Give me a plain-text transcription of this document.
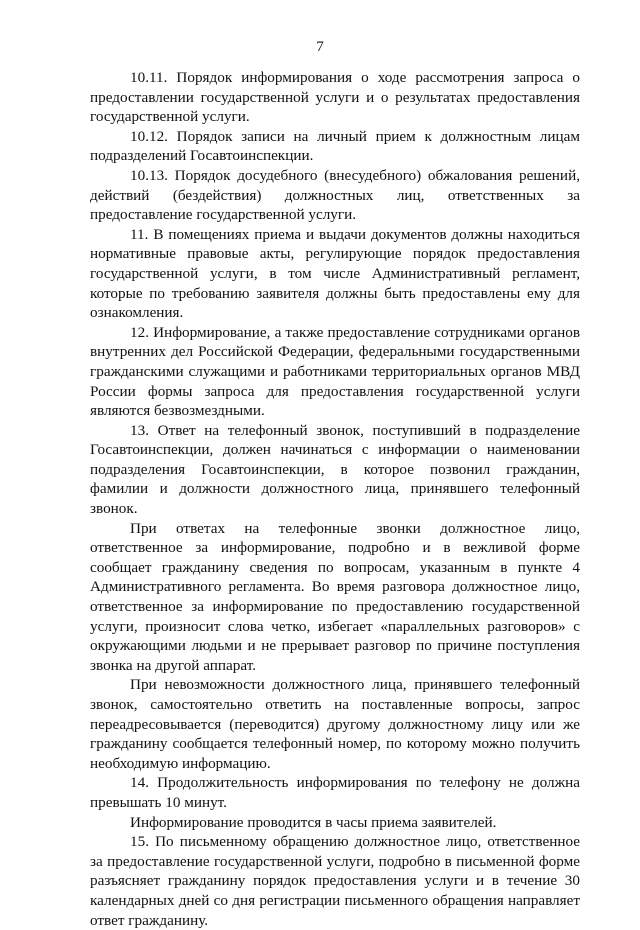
7

10.11. Порядок информирования о ходе рассмотрения запроса о предоставлении государственной услуги и о результатах предоставления государственной услуги.

10.12. Порядок записи на личный прием к должностным лицам подразделений Госавтоинспекции.

10.13. Порядок досудебного (внесудебного) обжалования решений, действий (бездействия) должностных лиц, ответственных за предоставление государственной услуги.

11. В помещениях приема и выдачи документов должны находиться нормативные правовые акты, регулирующие порядок предоставления государственной услуги, в том числе Административный регламент, которые по требованию заявителя должны быть предоставлены ему для ознакомления.

12. Информирование, а также предоставление сотрудниками органов внутренних дел Российской Федерации, федеральными государственными гражданскими служащими и работниками территориальных органов МВД России формы запроса для предоставления государственной услуги являются безвозмездными.

13. Ответ на телефонный звонок, поступивший в подразделение Госавтоинспекции, должен начинаться с информации о наименовании подразделения Госавтоинспекции, в которое позвонил гражданин, фамилии и должности должностного лица, принявшего телефонный звонок.

При ответах на телефонные звонки должностное лицо, ответственное за информирование, подробно и в вежливой форме сообщает гражданину сведения по вопросам, указанным в пункте 4 Административного регламента. Во время разговора должностное лицо, ответственное за информирование по предоставлению государственной услуги, произносит слова четко, избегает «параллельных разговоров» с окружающими людьми и не прерывает разговор по причине поступления звонка на другой аппарат.

При невозможности должностного лица, принявшего телефонный звонок, самостоятельно ответить на поставленные вопросы, запрос переадресовывается (переводится) другому должностному лицу или же гражданину сообщается телефонный номер, по которому можно получить необходимую информацию.

14. Продолжительность информирования по телефону не должна превышать 10 минут.

Информирование проводится в часы приема заявителей.

15. По письменному обращению должностное лицо, ответственное за предоставление государственной услуги, подробно в письменной форме разъясняет гражданину порядок предоставления услуги и в течение 30 календарных дней со дня регистрации письменного обращения направляет ответ гражданину.
